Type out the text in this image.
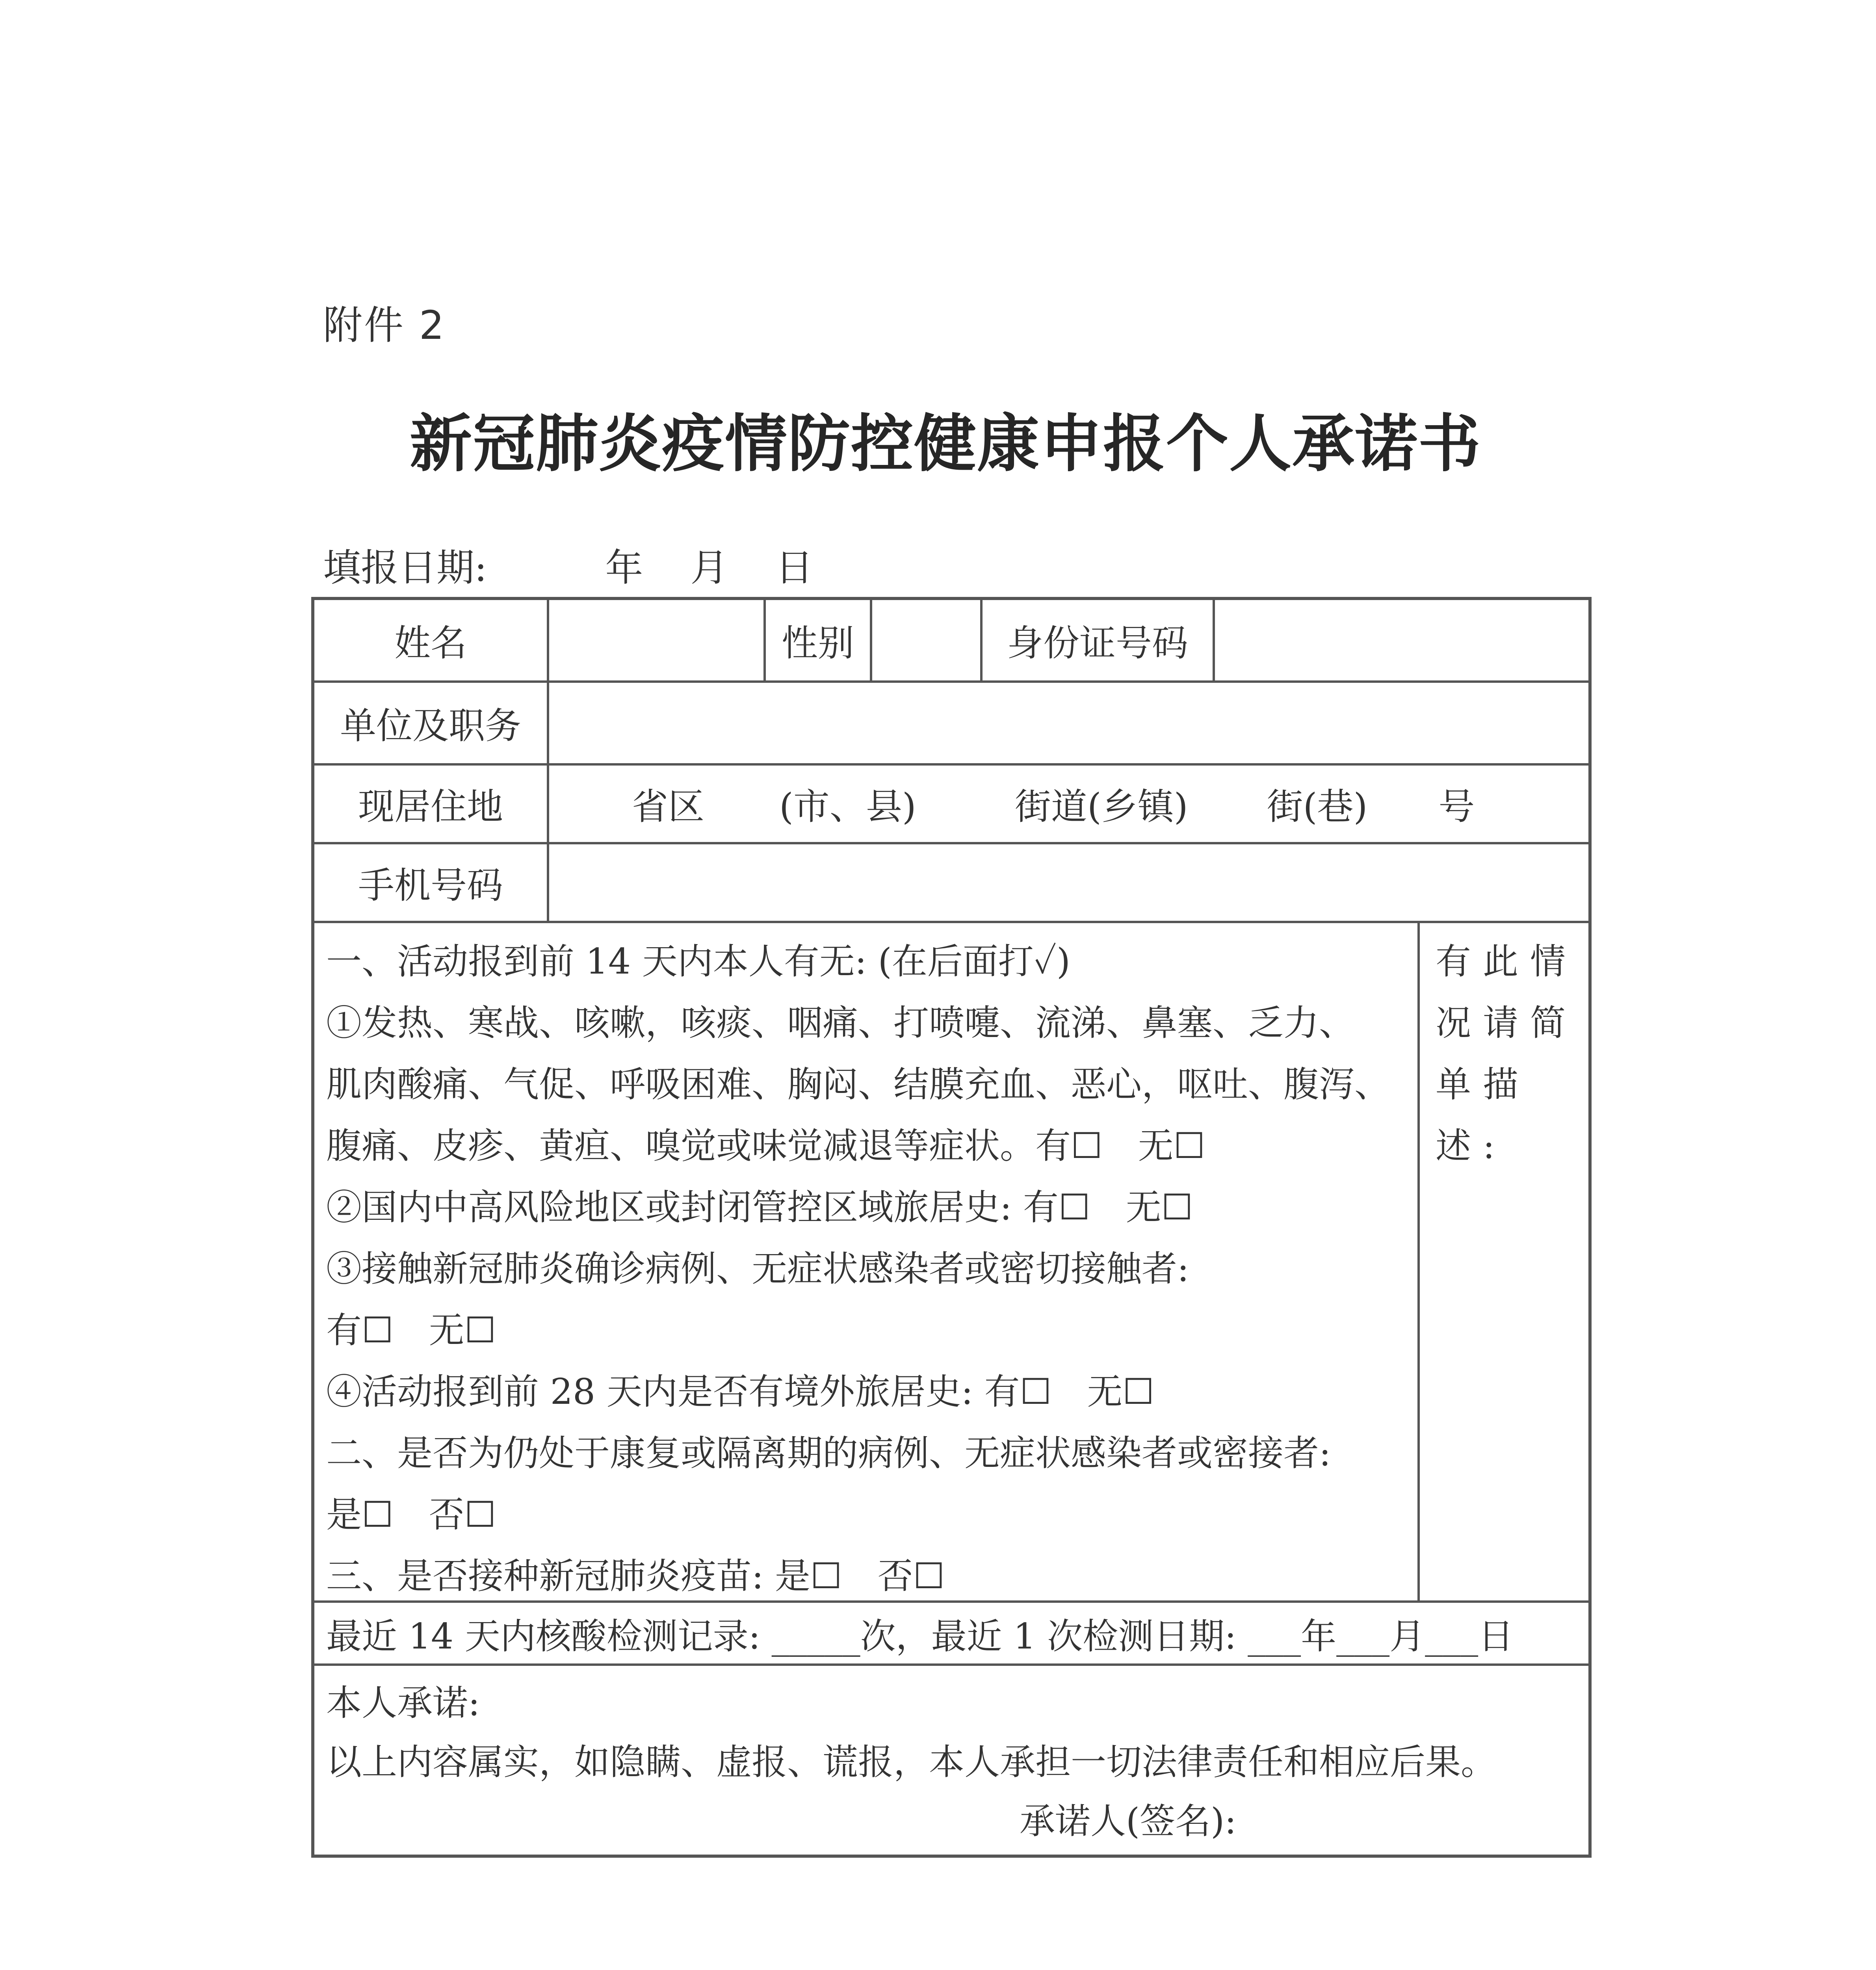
附件 2
新冠肺炎疫情防控健康申报个人承诺书
填报日期:	年 月 日
姓名	性别	身份证号码
单位及职务
现居住地	省区 (市、县)	街道(乡镇) 街(巷) 号
手机号码
一、活动报到前 14 天内本人有无: (在后面打✓)
①发热、寒战、咳嗽，咳痰、咽痛、打喷嚏、流涕、鼻塞、乏力、
肌肉酸痛、气促、呼吸困难、胸闷、结膜充血、恶心，呕吐、腹泻、
腹痛、皮疹、黄疸、嗅觉或味觉减退等症状。有☐　无☐
②国内中高风险地区或封闭管控区域旅居史: 有☐　无☐
③接触新冠肺炎确诊病例、无症状感染者或密切接触者:
有☐　无☐
④活动报到前 28 天内是否有境外旅居史: 有☐　无☐
二、是否为仍处于康复或隔离期的病例、无症状感染者或密接者:
是☐　否☐
三、是否接种新冠肺炎疫苗: 是☐　否☐
有此情况请简单描述:
最近 14 天内核酸检测记录: _____次，最近 1 次检测日期: ___年___月___日
本人承诺:
以上内容属实，如隐瞒、虚报、谎报，本人承担一切法律责任和相应后果。
承诺人(签名):
